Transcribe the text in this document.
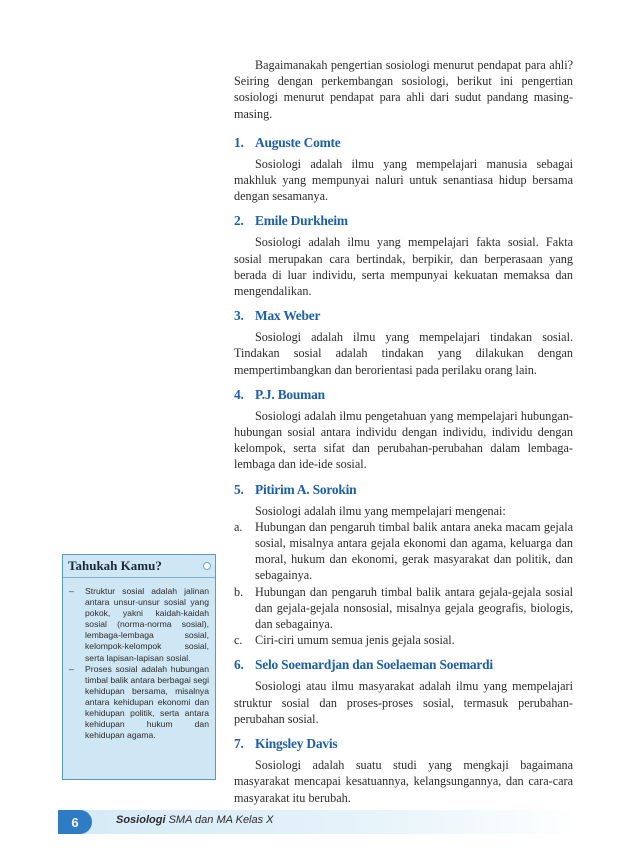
Bagaimanakah pengertian sosiologi menurut pendapat para ahli? Seiring dengan perkembangan sosiologi, berikut ini pengertian sosiologi menurut pendapat para ahli dari sudut pandang masing-masing.

1. Auguste Comte

Sosiologi adalah ilmu yang mempelajari manusia sebagai makhluk yang mempunyai naluri untuk senantiasa hidup bersama dengan sesamanya.

2. Emile Durkheim

Sosiologi adalah ilmu yang mempelajari fakta sosial. Fakta sosial merupakan cara bertindak, berpikir, dan berperasaan yang berada di luar individu, serta mempunyai kekuatan memaksa dan mengendalikan.

3. Max Weber

Sosiologi adalah ilmu yang mempelajari tindakan sosial. Tindakan sosial adalah tindakan yang dilakukan dengan mempertimbangkan dan berorientasi pada perilaku orang lain.

4. P.J. Bouman

Sosiologi adalah ilmu pengetahuan yang mempelajari hubungan-hubungan sosial antara individu dengan individu, individu dengan kelompok, serta sifat dan perubahan-perubahan dalam lembaga-lembaga dan ide-ide sosial.

5. Pitirim A. Sorokin

Sosiologi adalah ilmu yang mempelajari mengenai:

a.	Hubungan dan pengaruh timbal balik antara aneka macam gejala sosial, misalnya antara gejala ekonomi dan agama, keluarga dan moral, hukum dan ekonomi, gerak masyarakat dan politik, dan sebagainya.
b. Hubungan dan pengaruh timbal balik antara gejala-gejala sosial dan gejala-gejala nonsosial, misalnya gejala geografis, biologis, dan sebagainya.
c.	Ciri-ciri umum semua jenis gejala sosial.
6. Selo Soemardjan dan Soelaeman Soemardi

Sosiologi atau ilmu masyarakat adalah ilmu yang mempelajari struktur sosial dan proses-proses sosial, termasuk perubahan-perubahan sosial.

7. Kingsley Davis

Sosiologi adalah suatu studi yang mengkaji bagaimana masyarakat mencapai kesatuannya, kelangsungannya, dan cara-cara masyarakat itu berubah.

Tahukah Kamu?
–	Struktur sosial adalah jalinan antara unsur-unsur sosial yang pokok, yakni kaidah-kaidah sosial (norma-norma sosial), lembaga-lembaga sosial, kelompok-kelompok sosial, serta lapisan-lapisan sosial.
–	Proses sosial adalah hubungan timbal balik antara berbagai segi kehidupan bersama, misalnya antara kehidupan ekonomi dan kehidupan politik, serta antara kehidupan hukum dan kehidupan agama.
6	Sosiologi SMA dan MA Kelas X
